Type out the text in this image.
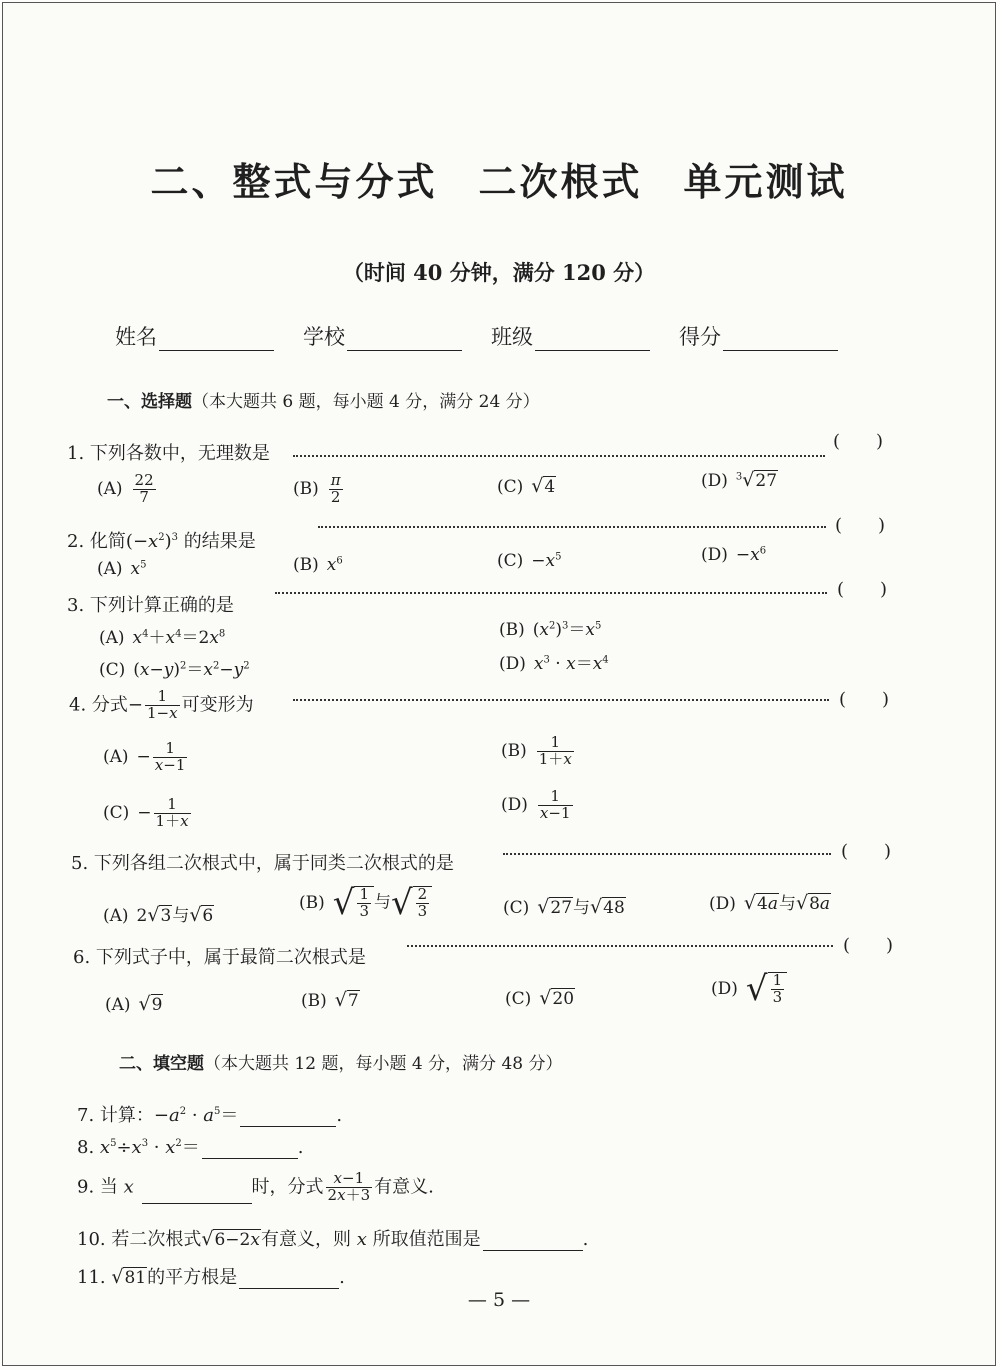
二、整式与分式　二次根式　单元测试
（时间 40 分钟，满分 120 分）
姓名	学校	班级	得分
一、选择题（本大题共 6 题，每小题 4 分，满分 24 分）
1. 下列各数中，无理数是
(　　)
$(A) \frac{22}{7}$	$(B) \frac{\pi}{2}$	(C) √4	(D) $^3$√27
2. 化简$(-x^2)^3$ 的结果是
(　　)
(A) $x^5$	(B) $x^6$	$(C) -x^5$	$(D) -x^6$
3. 下列计算正确的是
(　　)
(A) $x^4+x^4=2x^8$	(B) $(x^2)^3=x^5$
(C) $(x-y)^2=x^2-y^2$	(D) $x^3 \cdot x=x^4$
4. 分式− $\frac{1}{1-x}$ 可变形为	(　　)
$(A) - \frac{1}{x-1}$	$(B) \frac{1}{1+x}$
$(C) - \frac{1}{1+x}$	$(D) \frac{1}{x-1}$
5. 下列各组二次根式中，属于同类二次根式的是
(　　)
(A) 2√3与√6
(B) √ $\frac{1}{3}$ 与√ $\frac{2}{3}$	(C) √27与√48	(D) √4a与√8a
6. 下列式子中，属于最简二次根式是
(　　)
(A) √9	(B) √7	(C) √20
(D) √ $\frac{1}{3}$
二、填空题（本大题共 12 题，每小题 4 分，满分 48 分）
7. 计算：$-a^2 \cdot a^5=$	.
8. $x^5\div x^3 \cdot x^2=$	.
9. 当 x	时，分式 $\frac{x-1}{2x+3}$ 有意义.
10. 若二次根式√6−2x有意义，则 x 所取值范围是	.
11. √81的平方根是	.
— 5 —
